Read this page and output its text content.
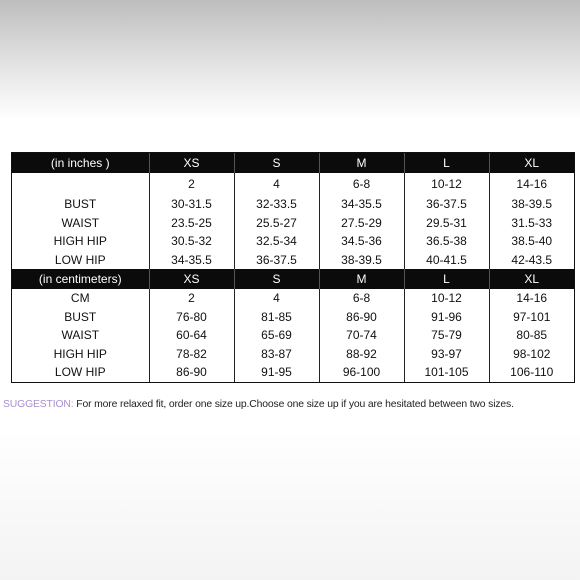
(in inches )	XS	S	M	L	XL
	2	4	6-8	10-12	14-16
BUST	30-31.5	32-33.5	34-35.5	36-37.5	38-39.5
WAIST	23.5-25	25.5-27	27.5-29	29.5-31	31.5-33
HIGH HIP	30.5-32	32.5-34	34.5-36	36.5-38	38.5-40
LOW HIP	34-35.5	36-37.5	38-39.5	40-41.5	42-43.5
(in centimeters)	XS	S	M	L	XL
CM	2	4	6-8	10-12	14-16
BUST	76-80	81-85	86-90	91-96	97-101
WAIST	60-64	65-69	70-74	75-79	80-85
HIGH HIP	78-82	83-87	88-92	93-97	98-102
LOW HIP	86-90	91-95	96-100	101-105	106-110
SUGGESTION: For more relaxed fit, order one size up.Choose one size up if you are hesitated between two sizes.
